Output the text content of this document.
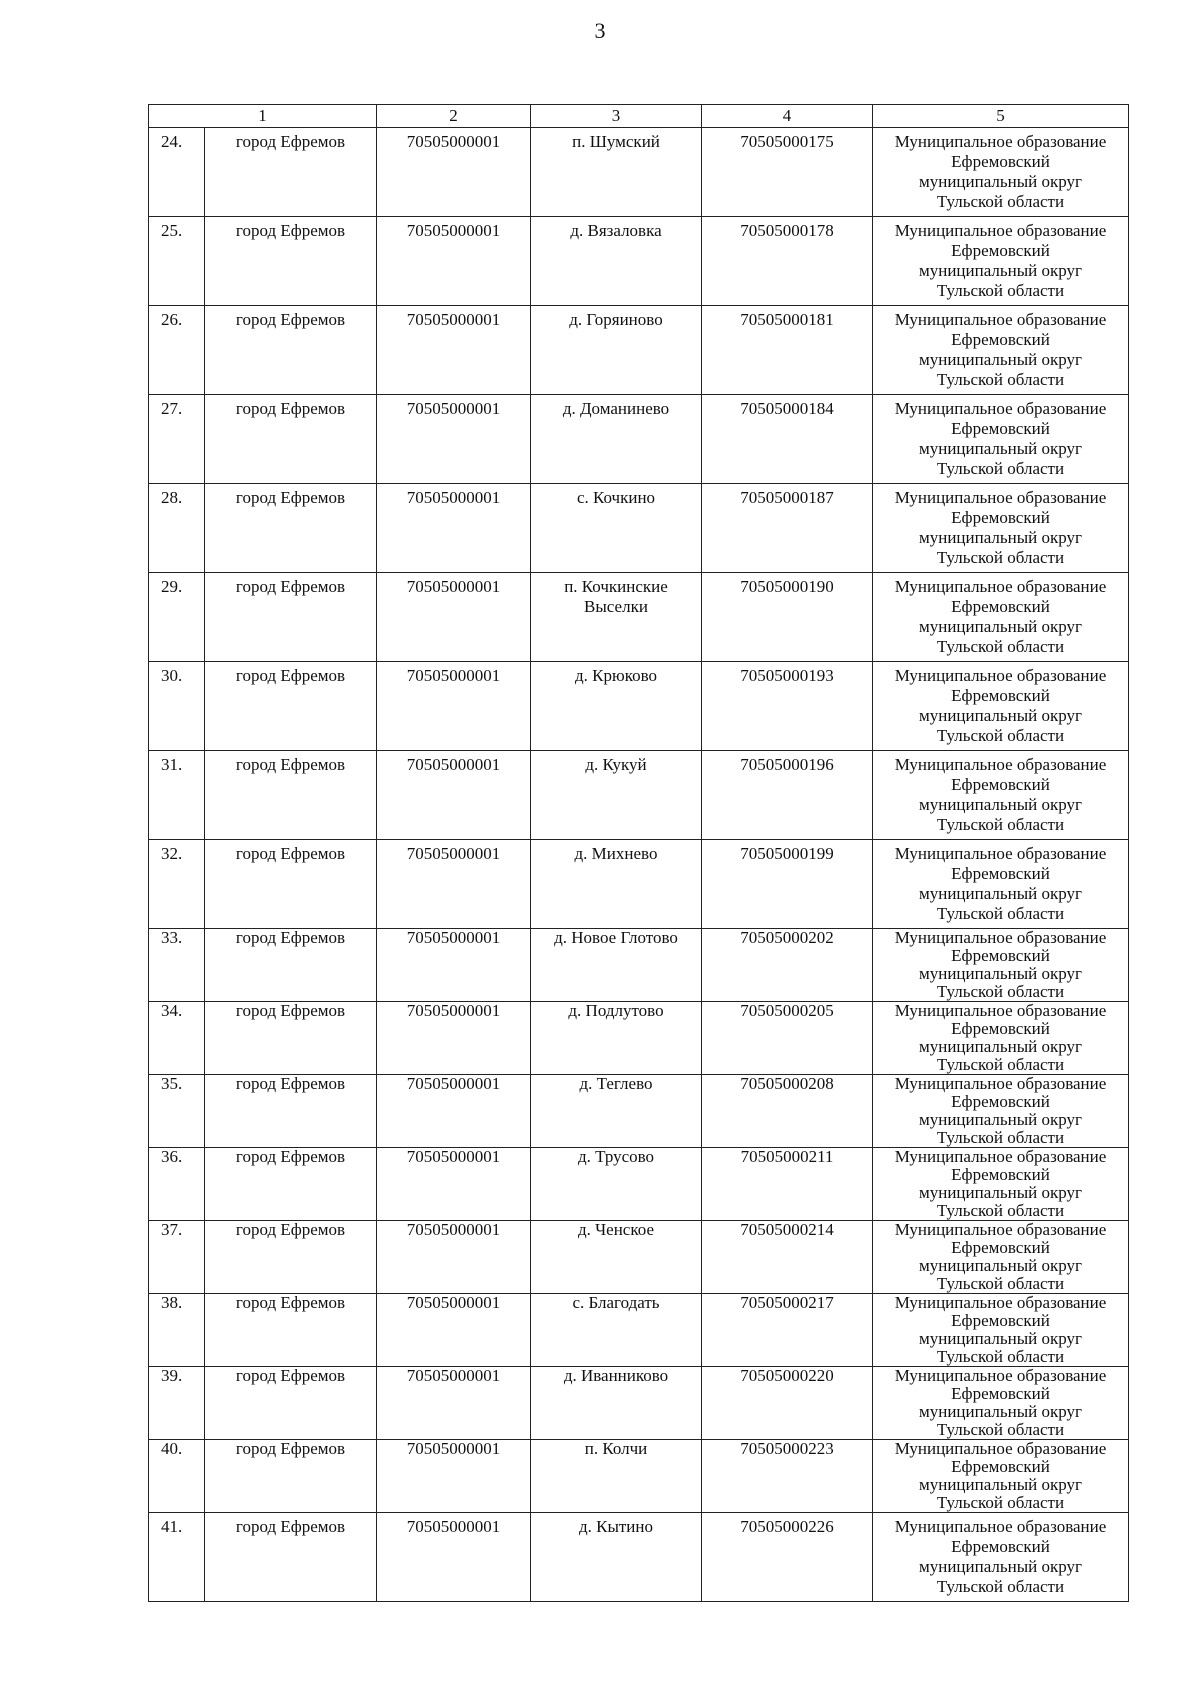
3
1		2	3	4	5
24.	город Ефремов	70505000001	п. Шумский	70505000175	Муниципальное образование
Ефремовский
муниципальный округ
Тульской области

25.	город Ефремов	70505000001	д. Вязаловка	70505000178	Муниципальное образование
Ефремовский
муниципальный округ
Тульской области

26.	город Ефремов	70505000001	д. Горяиново	70505000181	Муниципальное образование
Ефремовский
муниципальный округ
Тульской области

27.	город Ефремов	70505000001	д. Доманинево	70505000184	Муниципальное образование
Ефремовский
муниципальный округ
Тульской области

28.	город Ефремов	70505000001	с. Кочкино	70505000187	Муниципальное образование
Ефремовский
муниципальный округ
Тульской области

29.	город Ефремов	70505000001	п. Кочкинские
Выселки	70505000190	Муниципальное образование
Ефремовский
муниципальный округ
Тульской области

30.	город Ефремов	70505000001	д. Крюково	70505000193	Муниципальное образование
Ефремовский
муниципальный округ
Тульской области

31.	город Ефремов	70505000001	д. Кукуй	70505000196	Муниципальное образование
Ефремовский
муниципальный округ
Тульской области

32.	город Ефремов	70505000001	д. Михнево	70505000199	Муниципальное образование
Ефремовский
муниципальный округ
Тульской области

33.	город Ефремов	70505000001	д. Новое Глотово	70505000202	Муниципальное образование
Ефремовский
муниципальный округ
Тульской области

34.	город Ефремов	70505000001	д. Подлутово	70505000205	Муниципальное образование
Ефремовский
муниципальный округ
Тульской области

35.	город Ефремов	70505000001	д. Теглево	70505000208	Муниципальное образование
Ефремовский
муниципальный округ
Тульской области

36.	город Ефремов	70505000001	д. Трусово	70505000211	Муниципальное образование
Ефремовский
муниципальный округ
Тульской области

37.	город Ефремов	70505000001	д. Ченское	70505000214	Муниципальное образование
Ефремовский
муниципальный округ
Тульской области

38.	город Ефремов	70505000001	с. Благодать	70505000217	Муниципальное образование
Ефремовский
муниципальный округ
Тульской области

39.	город Ефремов	70505000001	д. Иванниково	70505000220	Муниципальное образование
Ефремовский
муниципальный округ
Тульской области

40.	город Ефремов	70505000001	п. Колчи	70505000223	Муниципальное образование
Ефремовский
муниципальный округ
Тульской области

41.	город Ефремов	70505000001	д. Кытино	70505000226	Муниципальное образование
Ефремовский
муниципальный округ
Тульской области
